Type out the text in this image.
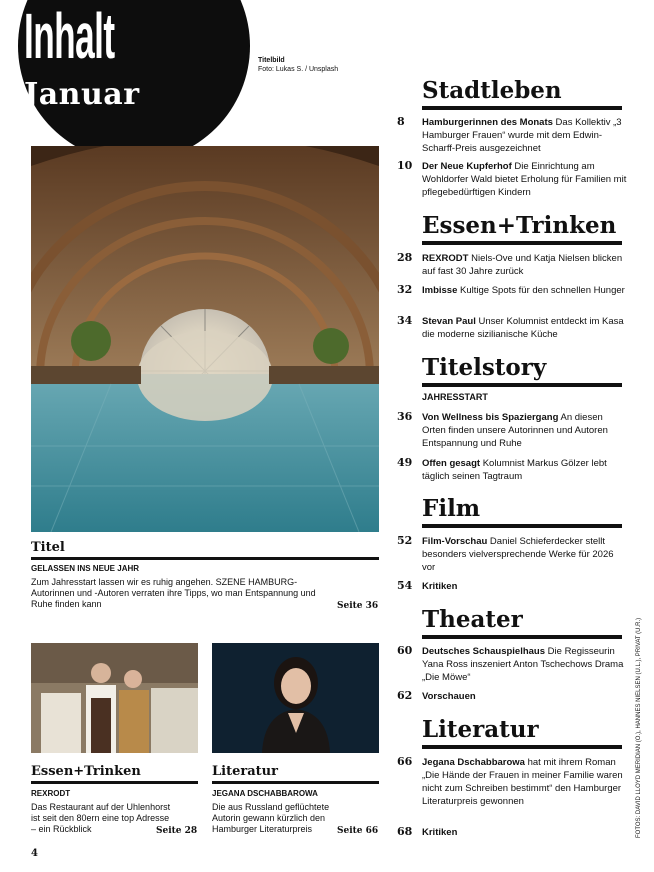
Inhalt
Januar
Titelbild
Foto: Lukas S. / Unsplash
Titel
GELASSEN INS NEUE JAHR
Zum Jahresstart lassen wir es ruhig angehen. SZENE HAMBURG-Autorinnen und -Autoren verraten ihre Tipps, wo man Entspannung und Ruhe finden kann	Seite 36
Essen+Trinken
REXRODT
Das Restaurant auf der Uhlenhorst ist seit den 80ern eine top Adresse – ein Rückblick	Seite 28
Literatur
JEGANA DSCHABBAROWA
Die aus Russland geflüchtete Autorin gewann kürzlich den Hamburger Literaturpreis	Seite 66
Stadtleben
8 Hamburgerinnen des Monats Das Kollektiv „3 Hamburger Frauen“ wurde mit dem Edwin-Scharff-Preis ausgezeichnet
10 Der Neue Kupferhof Die Einrichtung am Wohldorfer Wald bietet Erholung für Familien mit pflegebedürftigen Kindern
Essen+Trinken
28 REXRODT Niels-Ove und Katja Nielsen blicken auf fast 30 Jahre zurück
32 Imbisse Kultige Spots für den schnellen Hunger
34 Stevan Paul Unser Kolumnist entdeckt im Kasa die moderne sizilianische Küche
Titelstory
JAHRESSTART
36 Von Wellness bis Spaziergang An diesen Orten finden unsere Autorinnen und Autoren Entspannung und Ruhe
49 Offen gesagt Kolumnist Markus Gölzer lebt täglich seinen Tagtraum
Film
52 Film-Vorschau Daniel Schieferdecker stellt besonders vielversprechende Werke für 2026 vor
54 Kritiken
Theater
60 Deutsches Schauspielhaus Die Regisseurin Yana Ross inszeniert Anton Tschechows Drama „Die Möwe“
62 Vorschauen
Literatur
66 Jegana Dschabbarowa hat mit ihrem Roman „Die Hände der Frauen in meiner Familie waren nicht zum Schreiben bestimmt“ den Hamburger Literaturpreis gewonnen
68 Kritiken	FOTOS: DAVID LLOYD MERIDIAN (O.), HANNES NIELSEN (U.L.), PRIVAT (U.R.)
4
